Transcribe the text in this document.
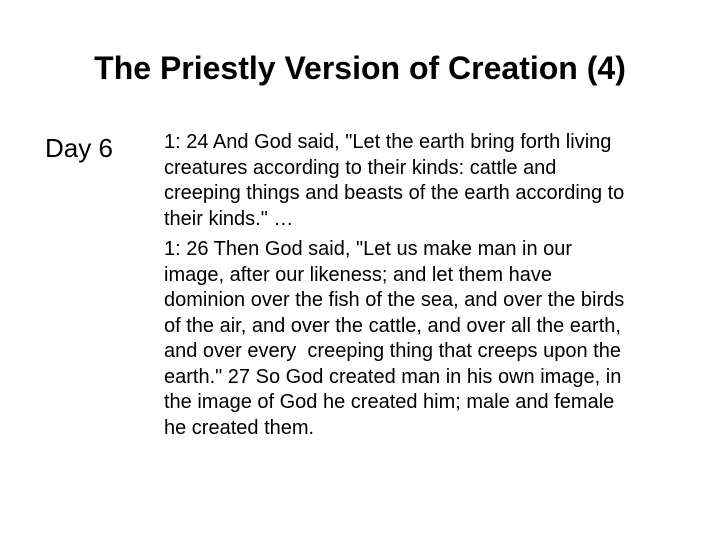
The Priestly Version of Creation (4)
Day 6	1: 24 And God said, "Let the earth bring forth living
creatures according to their kinds: cattle and
creeping things and beasts of the earth according to
their kinds." …

1: 26 Then God said, "Let us make man in our
image, after our likeness; and let them have
dominion over the fish of the sea, and over the birds
of the air, and over the cattle, and over all the earth,
and over every  creeping thing that creeps upon the
earth." 27 So God created man in his own image, in
the image of God he created him; male and female
he created them.
